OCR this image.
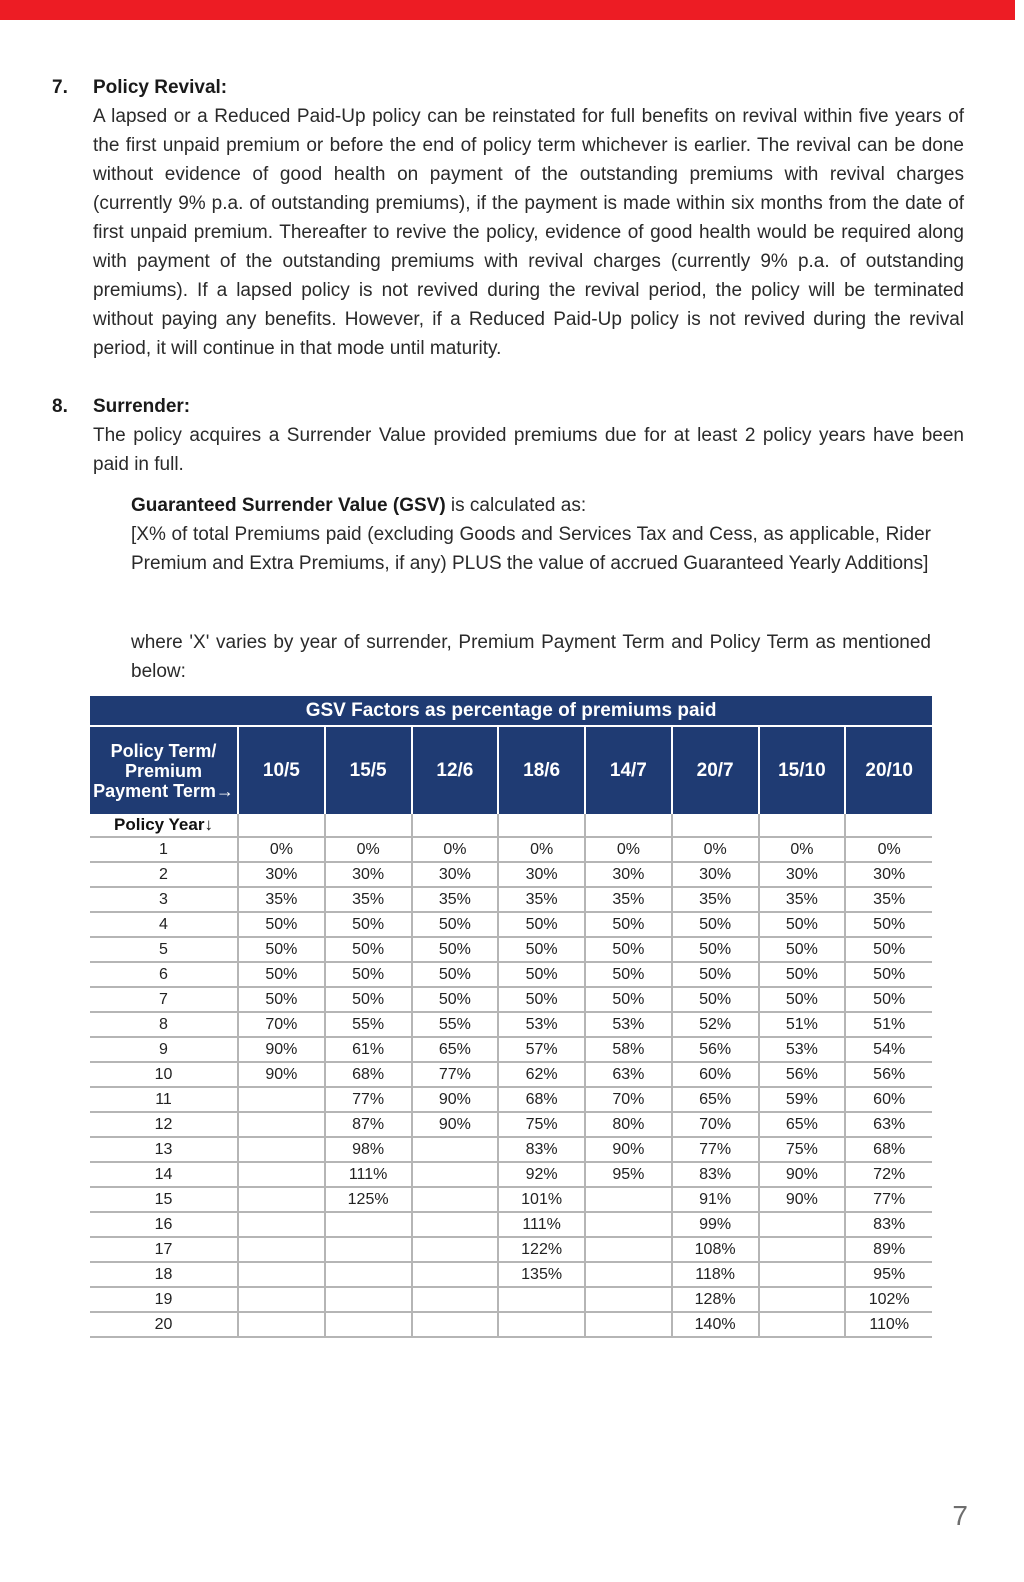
7.	Policy Revival:
A lapsed or a Reduced Paid-Up policy can be reinstated for full benefits on revival within five years of the first unpaid premium or before the end of policy term whichever is earlier. The revival can be done without evidence of good health on payment of the outstanding premiums with revival charges (currently 9% p.a. of outstanding premiums), if the payment is made within six months from the date of first unpaid premium. Thereafter to revive the policy, evidence of good health would be required along with payment of the outstanding premiums with revival charges (currently 9% p.a. of outstanding premiums). If a lapsed policy is not revived during the revival period, the policy will be terminated without paying any benefits. However, if a Reduced Paid-Up policy is not revived during the revival period, it will continue in that mode until maturity.
8.	Surrender:
The policy acquires a Surrender Value provided premiums due for at least 2 policy years have been paid in full.
Guaranteed Surrender Value (GSV) is calculated as:
[X% of total Premiums paid (excluding Goods and Services Tax and Cess, as applicable, Rider Premium and Extra Premiums, if any) PLUS the value of accrued Guaranteed Yearly Additions]
where 'X' varies by year of surrender, Premium Payment Term and Policy Term as mentioned below:
GSV Factors as percentage of premiums paid								
Policy Term/ Premium Payment Term→	10/5	15/5	12/6	18/6	14/7	20/7	15/10	20/10
Policy Year↓								
1	0%	0%	0%	0%	0%	0%	0%	0%
2	30%	30%	30%	30%	30%	30%	30%	30%
3	35%	35%	35%	35%	35%	35%	35%	35%
4	50%	50%	50%	50%	50%	50%	50%	50%
5	50%	50%	50%	50%	50%	50%	50%	50%
6	50%	50%	50%	50%	50%	50%	50%	50%
7	50%	50%	50%	50%	50%	50%	50%	50%
8	70%	55%	55%	53%	53%	52%	51%	51%
9	90%	61%	65%	57%	58%	56%	53%	54%
10	90%	68%	77%	62%	63%	60%	56%	56%
11		77%	90%	68%	70%	65%	59%	60%
12		87%	90%	75%	80%	70%	65%	63%
13		98%		83%	90%	77%	75%	68%
14		111%		92%	95%	83%	90%	72%
15		125%		101%		91%	90%	77%
16				111%		99%		83%
17				122%		108%		89%
18				135%		118%		95%
19						128%		102%
20						140%		110%
7
